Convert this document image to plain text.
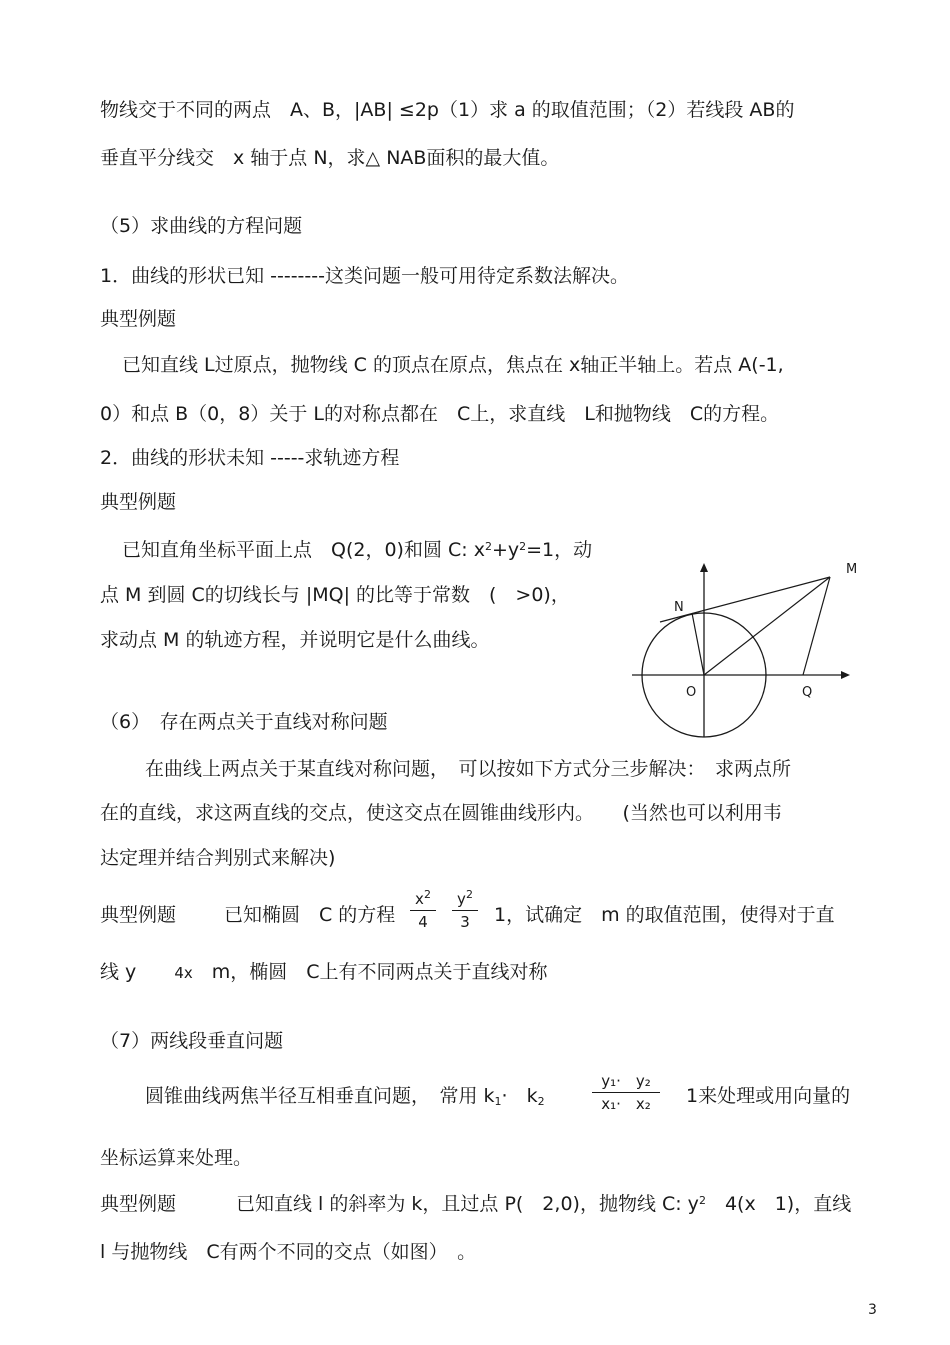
物线交于不同的两点　A、B，|AB| ≤2p（1）求 a 的取值范围；（2）若线段 AB的
垂直平分线交　x 轴于点 N，求△ NAB面积的最大值。
（5）求曲线的方程问题
1．曲线的形状已知 --------这类问题一般可用待定系数法解决。
典型例题
已知直线 L过原点，抛物线 C 的顶点在原点，焦点在 x轴正半轴上。若点 A(-1,
0）和点 B（0，8）关于 L的对称点都在　C上，求直线　L和抛物线　C的方程。
2．曲线的形状未知 -----求轨迹方程
典型例题
已知直角坐标平面上点　Q(2，0)和圆 C: $x^2+y^2=1$，动
点 M 到圆 C的切线长与 |MQ| 的比等于常数　(　>0)，
求动点 M 的轨迹方程，并说明它是什么曲线。
M
N
O	Q
（6）　存在两点关于直线对称问题
在曲线上两点关于某直线对称问题，　可以按如下方式分三步解决：　求两点所
在的直线，求这两直线的交点，使这交点在圆锥曲线形内。　　(当然也可以利用韦
达定理并结合判别式来解决)
典型例题	已知椭圆　C 的方程
$x^2$
4
$y^2$
3	1，试确定　m 的取值范围，使得对于直
线 y　　	4x　 m，椭圆　C上有不同两点关于直线对称
（7）两线段垂直问题
圆锥曲线两焦半径互相垂直问题，　常用 $k_1\cdot$　$k_2$
y₁·　y₂
x₁·　x₂	1来处理或用向量的
坐标运算来处理。
典型例题	已知直线 l 的斜率为 k，且过点 P(　2,0)，抛物线 C: $y^2$　 4(x　1)，直线
l 与抛物线　C有两个不同的交点（如图）　。
3
